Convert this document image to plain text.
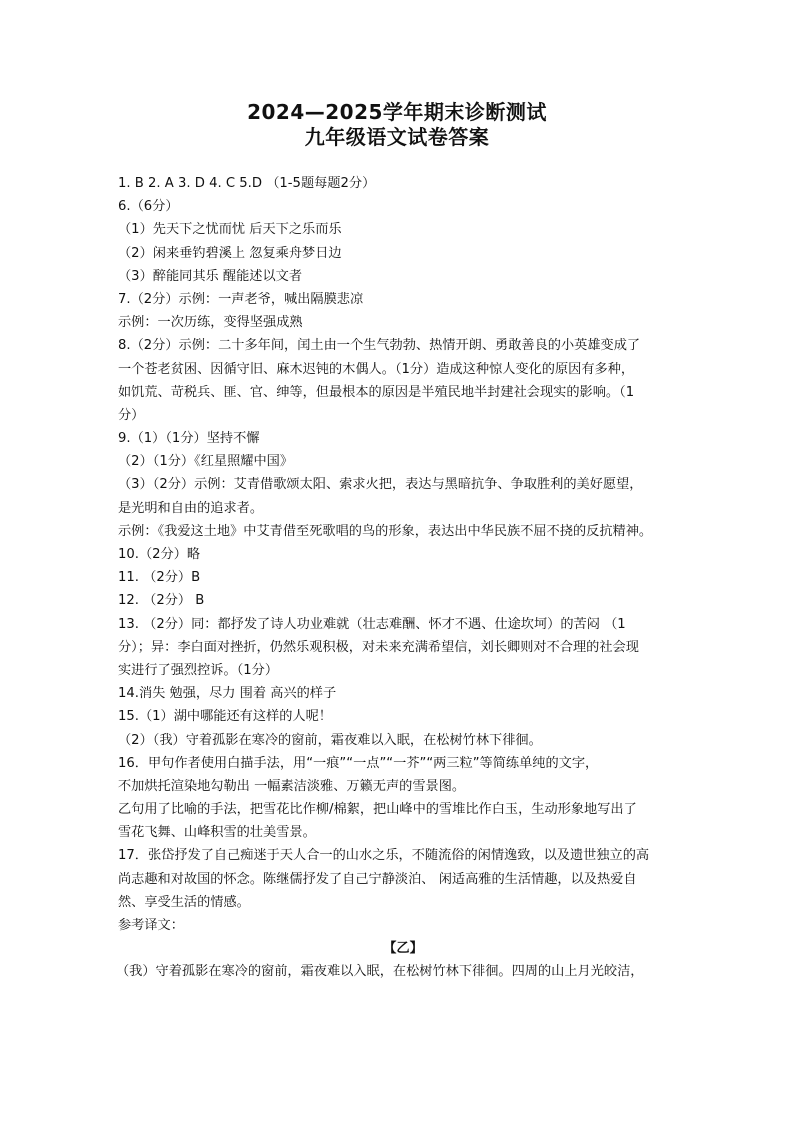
2024—2025学年期末诊断测试
九年级语文试卷答案
1. B 2. A 3. D 4. C 5.D （1-5题每题2分）
6.（6分）
（1）先天下之忧而忧 后天下之乐而乐
（2）闲来垂钓碧溪上 忽复乘舟梦日边
（3）醉能同其乐 醒能述以文者
7.（2分）示例：一声老爷，喊出隔膜悲凉
示例：一次历练，变得坚强成熟
8.（2分）示例：二十多年间，闰土由一个生气勃勃、热情开朗、勇敢善良的小英雄变成了
一个苍老贫困、因循守旧、麻木迟钝的木偶人。（1分）造成这种惊人变化的原因有多种，
如饥荒、苛税兵、匪、官、绅等，但最根本的原因是半殖民地半封建社会现实的影响。（1
分）
9.（1）（1分）坚持不懈
（2）（1分）《红星照耀中国》
（3）（2分）示例：艾青借歌颂太阳、索求火把，表达与黑暗抗争、争取胜利的美好愿望，
是光明和自由的追求者。
示例：《我爱这土地》中艾青借至死歌唱的鸟的形象，表达出中华民族不屈不挠的反抗精神。
10.（2分）略
11. （2分）B
12. （2分） B
13. （2分）同：都抒发了诗人功业难就（壮志难酬、怀才不遇、仕途坎坷）的苦闷 （1
分）；异：李白面对挫折，仍然乐观积极，对未来充满希望信，刘长卿则对不合理的社会现
实进行了强烈控诉。（1分）
14.消失 勉强，尽力 围着 高兴的样子
15.（1）湖中哪能还有这样的人呢！
（2）（我）守着孤影在寒冷的窗前，霜夜难以入眠，在松树竹林下徘徊。
16．甲句作者使用白描手法，用“一痕”“一点”“一芥”“两三粒”等简练单纯的文字，
不加烘托渲染地勾勒出 一幅素洁淡雅、万籁无声的雪景图。
乙句用了比喻的手法，把雪花比作柳/棉絮，把山峰中的雪堆比作白玉，生动形象地写出了
雪花飞舞、山峰积雪的壮美雪景。
17．张岱抒发了自己痴迷于天人合一的山水之乐，不随流俗的闲情逸致，以及遗世独立的高
尚志趣和对故国的怀念。陈继儒抒发了自己宁静淡泊、 闲适高雅的生活情趣，以及热爱自
然、享受生活的情感。
参考译文：
【乙】
（我）守着孤影在寒冷的窗前，霜夜难以入眠，在松树竹林下徘徊。四周的山上月光皎洁，
